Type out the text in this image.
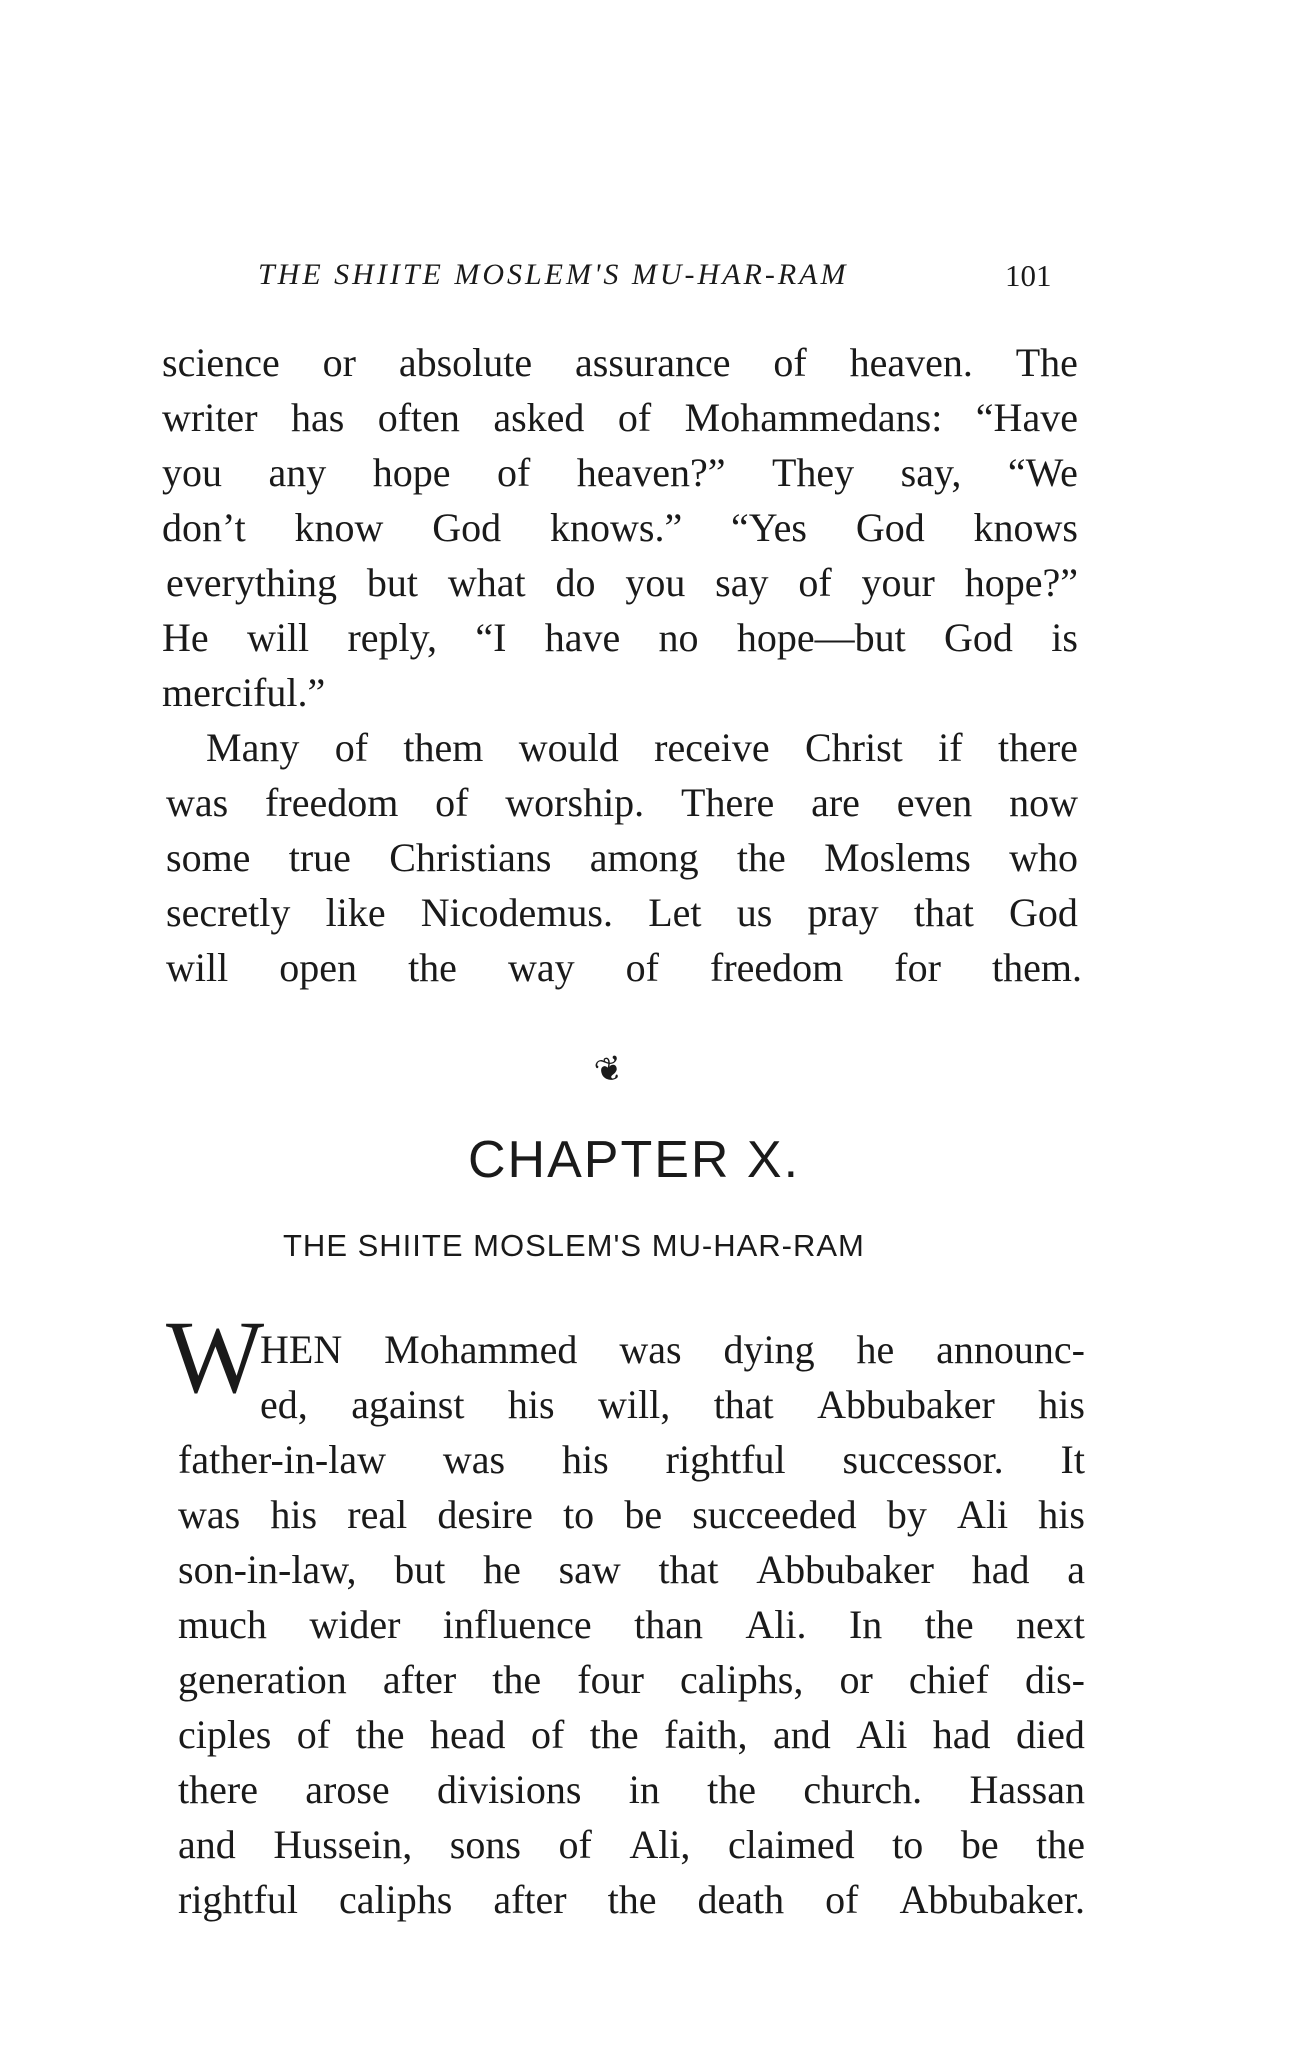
THE SHIITE MOSLEM'S MU-HAR-RAM	101
science or absolute assurance of heaven. The
writer has often asked of Mohammedans: “Have
you any hope of heaven?” They say, “We
don’t know God knows.” “Yes God knows
everything but what do you say of your hope?”
He will reply, “I have no hope—but God is
merciful.”
Many of them would receive Christ if there
was freedom of worship. There are even now
some true Christians among the Moslems who
secretly like Nicodemus. Let us pray that God
will open the way of freedom for them.
❦
CHAPTER X.
THE SHIITE MOSLEM'S MU-HAR-RAM
W
HEN Mohammed was dying he announc-
ed, against his will, that Abbubaker his
father-in-law was his rightful successor. It
was his real desire to be succeeded by Ali his
son-in-law, but he saw that Abbubaker had a
much wider influence than Ali. In the next
generation after the four caliphs, or chief dis-
ciples of the head of the faith, and Ali had died
there arose divisions in the church. Hassan
and Hussein, sons of Ali, claimed to be the
rightful caliphs after the death of Abbubaker.
